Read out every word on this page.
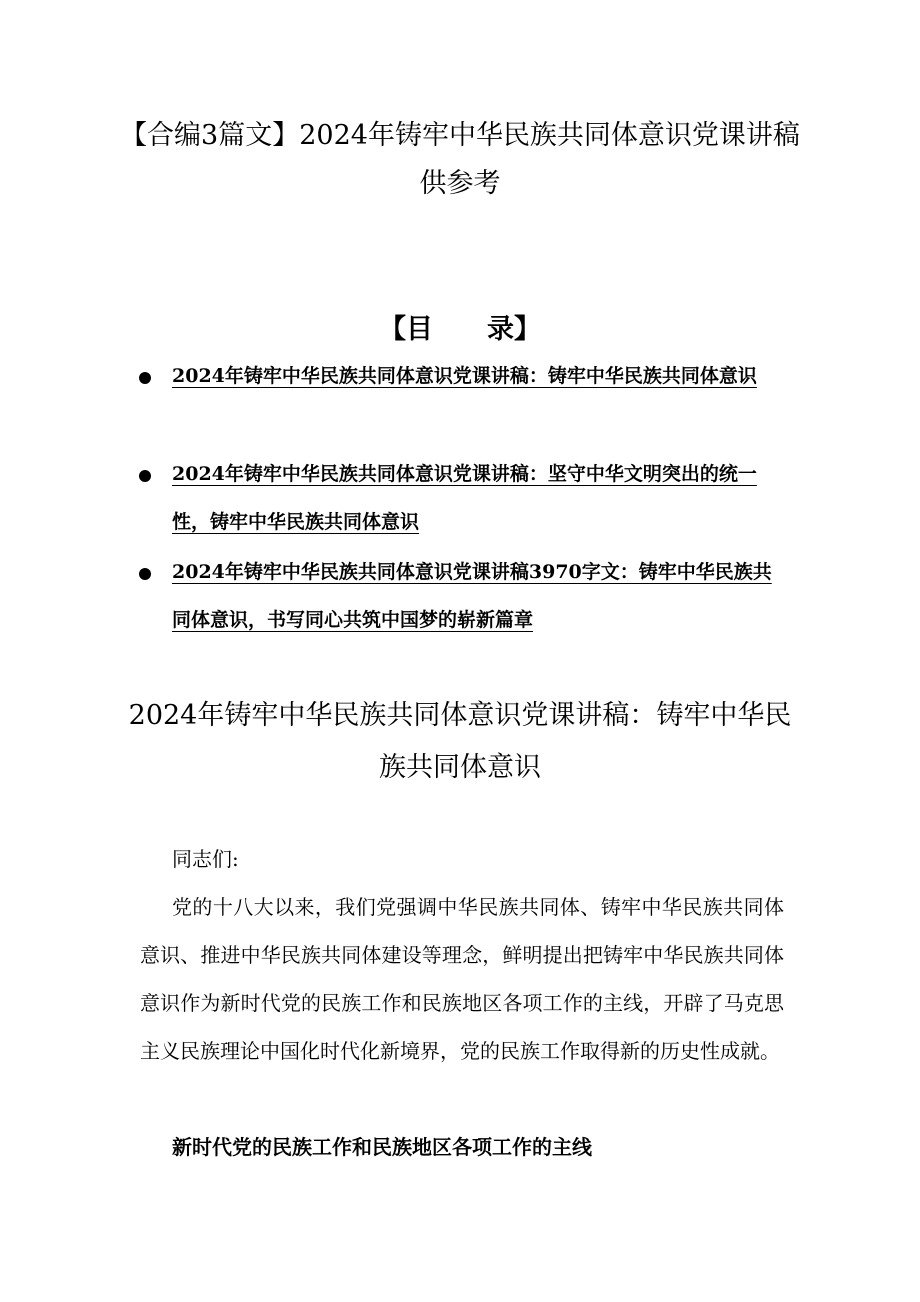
【合编3篇文】2024年铸牢中华民族共同体意识党课讲稿供参考
【目　　录】
2024年铸牢中华民族共同体意识党课讲稿：铸牢中华民族共同体意识
2024年铸牢中华民族共同体意识党课讲稿：坚守中华文明突出的统一性，铸牢中华民族共同体意识
2024年铸牢中华民族共同体意识党课讲稿3970字文：铸牢中华民族共同体意识，书写同心共筑中国梦的崭新篇章
2024年铸牢中华民族共同体意识党课讲稿：铸牢中华民族共同体意识

同志们:

党的十八大以来，我们党强调中华民族共同体、铸牢中华民族共同体意识、推进中华民族共同体建设等理念，鲜明提出把铸牢中华民族共同体意识作为新时代党的民族工作和民族地区各项工作的主线，开辟了马克思主义民族理论中国化时代化新境界，党的民族工作取得新的历史性成就。

新时代党的民族工作和民族地区各项工作的主线
